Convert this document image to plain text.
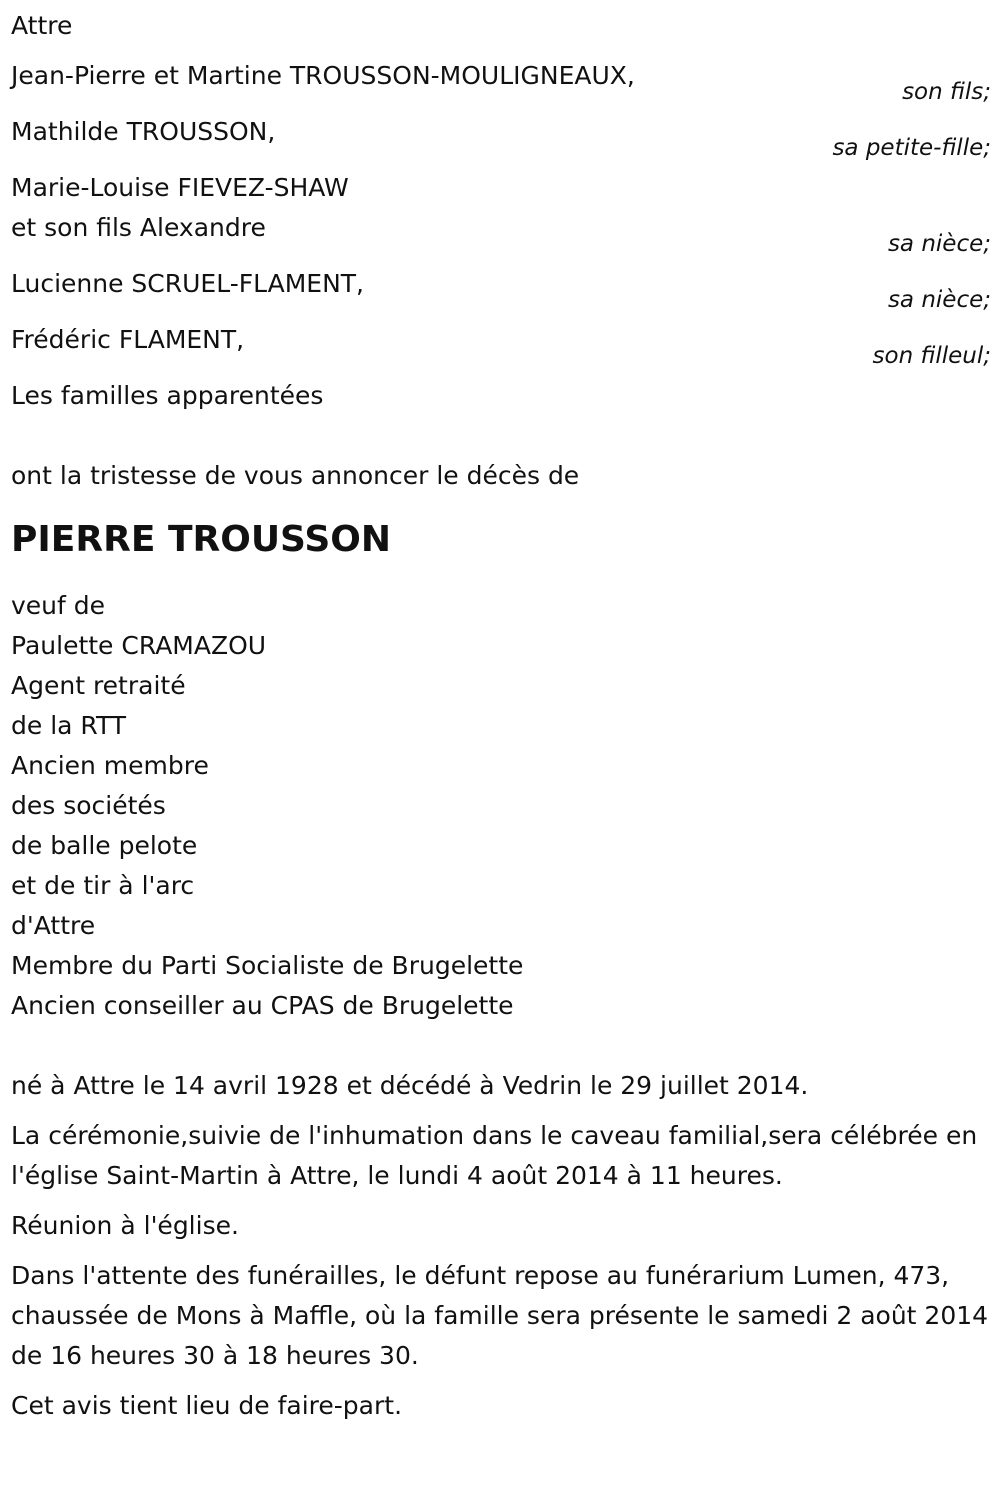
Attre
Jean-Pierre et Martine TROUSSON-MOULIGNEAUX,
son fils;
Mathilde TROUSSON,
sa petite-fille;
Marie-Louise FIEVEZ-SHAW
et son fils Alexandre
sa nièce;
Lucienne SCRUEL-FLAMENT,
sa nièce;
Frédéric FLAMENT,
son filleul;
Les familles apparentées
ont la tristesse de vous annoncer le décès de
PIERRE TROUSSON
veuf de
Paulette CRAMAZOU
Agent retraité
de la RTT
Ancien membre
des sociétés
de balle pelote
et de tir à l'arc
d'Attre
Membre du Parti Socialiste de Brugelette
Ancien conseiller au CPAS de Brugelette
né à Attre le 14 avril 1928 et décédé à Vedrin le 29 juillet 2014.
La cérémonie,suivie de l'inhumation dans le caveau familial,sera célébrée en l'église Saint-Martin à Attre, le lundi 4 août 2014 à 11 heures.
Réunion à l'église.
Dans l'attente des funérailles, le défunt repose au funérarium Lumen, 473, chaussée de Mons à Maffle, où la famille sera présente le samedi 2 août 2014 de 16 heures 30 à 18 heures 30.
Cet avis tient lieu de faire-part.
